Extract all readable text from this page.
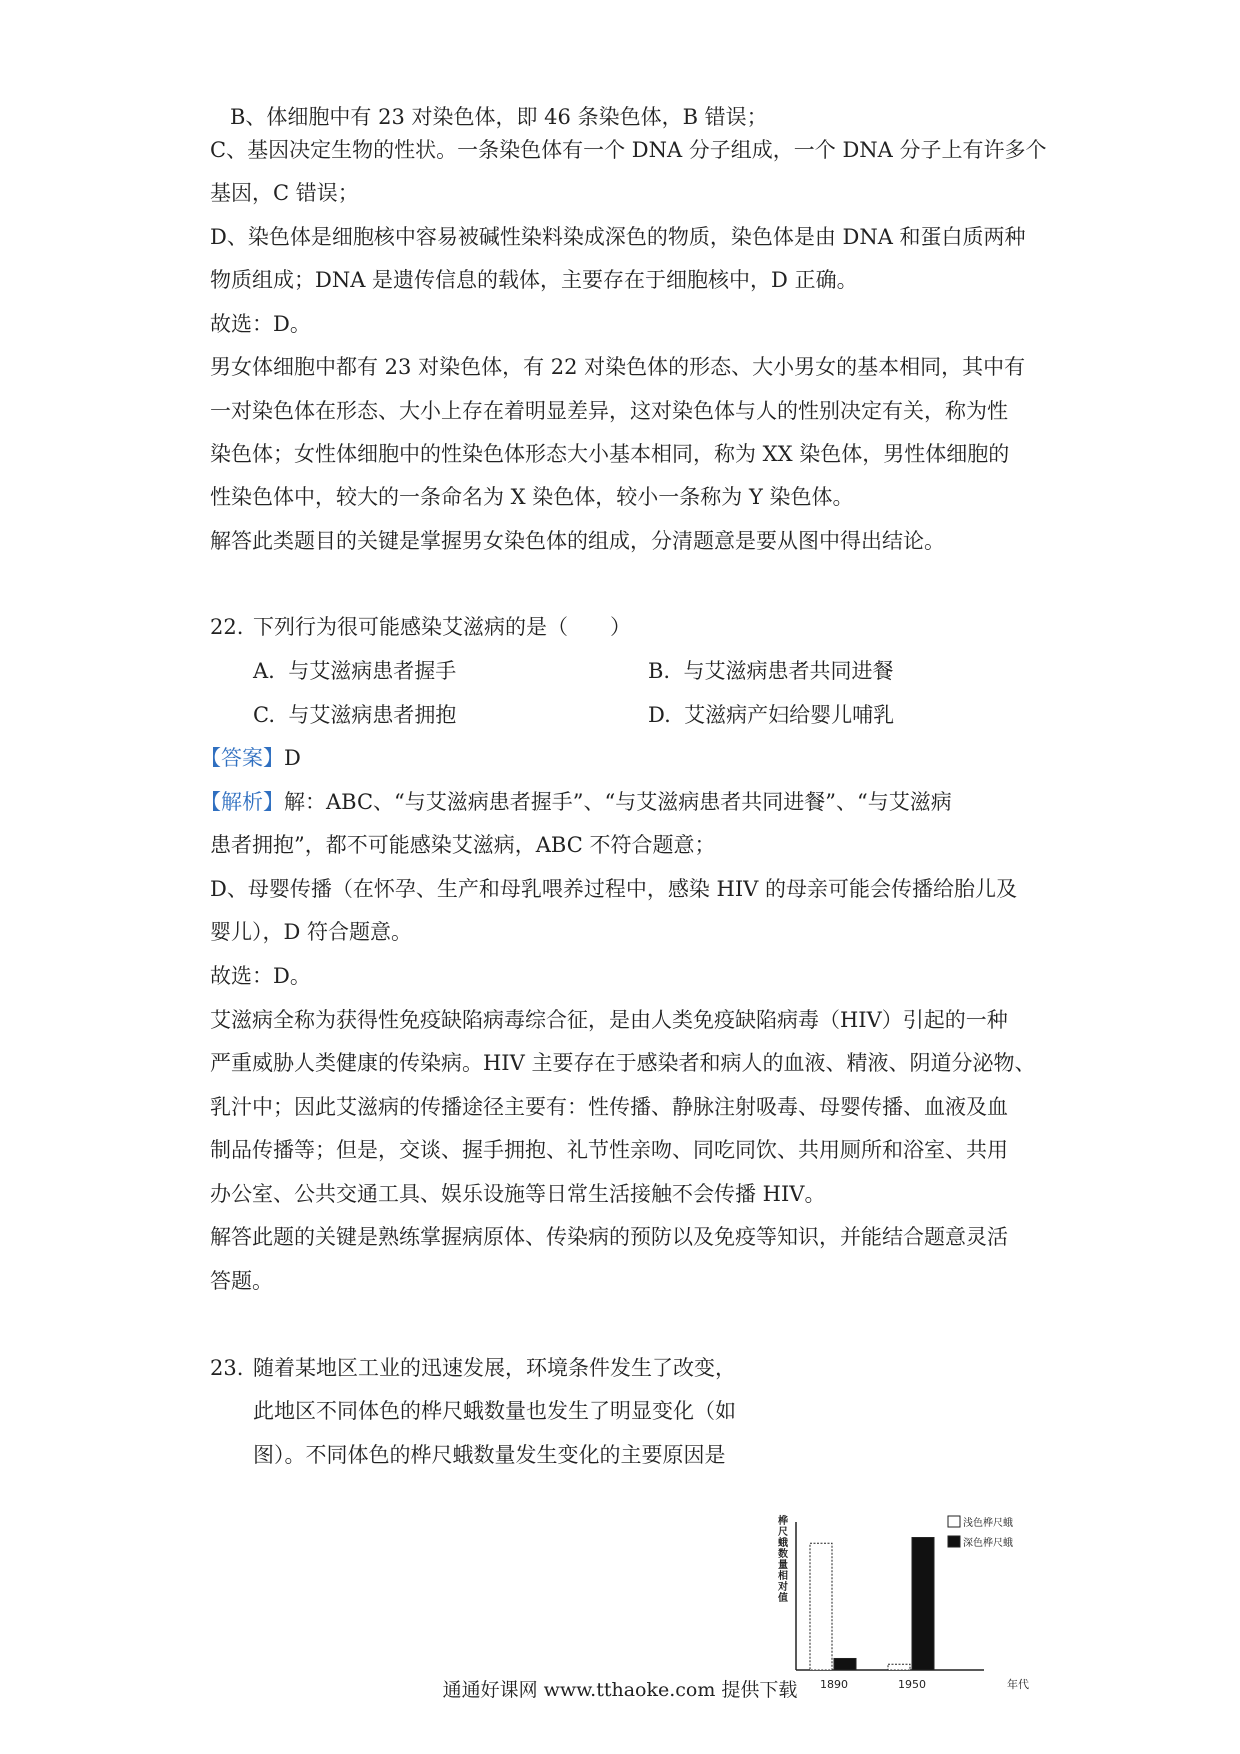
B、体细胞中有 23 对染色体，即 46 条染色体，B 错误；
C、基因决定生物的性状。一条染色体有一个 DNA 分子组成，一个 DNA 分子上有许多个
基因，C 错误；
D、染色体是细胞核中容易被碱性染料染成深色的物质，染色体是由 DNA 和蛋白质两种
物质组成；DNA 是遗传信息的载体，主要存在于细胞核中，D 正确。
故选：D。
男女体细胞中都有 23 对染色体，有 22 对染色体的形态、大小男女的基本相同，其中有
一对染色体在形态、大小上存在着明显差异，这对染色体与人的性别决定有关，称为性
染色体；女性体细胞中的性染色体形态大小基本相同，称为 XX 染色体，男性体细胞的
性染色体中，较大的一条命名为 X 染色体，较小一条称为 Y 染色体。
解答此类题目的关键是掌握男女染色体的组成，分清题意是要从图中得出结论。
22. 下列行为很可能感染艾滋病的是（　　）
A. 与艾滋病患者握手	B. 与艾滋病患者共同进餐
C. 与艾滋病患者拥抱	D. 艾滋病产妇给婴儿哺乳
【答案】D
【解析】解：ABC、“与艾滋病患者握手”、“与艾滋病患者共同进餐”、“与艾滋病
患者拥抱”，都不可能感染艾滋病，ABC 不符合题意；
D、母婴传播（在怀孕、生产和母乳喂养过程中，感染 HIV 的母亲可能会传播给胎儿及
婴儿），D 符合题意。
故选：D。
艾滋病全称为获得性免疫缺陷病毒综合征，是由人类免疫缺陷病毒（HIV）引起的一种
严重威胁人类健康的传染病。HIV 主要存在于感染者和病人的血液、精液、阴道分泌物、
乳汁中；因此艾滋病的传播途径主要有：性传播、静脉注射吸毒、母婴传播、血液及血
制品传播等；但是，交谈、握手拥抱、礼节性亲吻、同吃同饮、共用厕所和浴室、共用
办公室、公共交通工具、娱乐设施等日常生活接触不会传播 HIV。
解答此题的关键是熟练掌握病原体、传染病的预防以及免疫等知识，并能结合题意灵活
答题。
23. 随着某地区工业的迅速发展，环境条件发生了改变，
此地区不同体色的桦尺蛾数量也发生了明显变化（如
图）。不同体色的桦尺蛾数量发生变化的主要原因是
桦尺蛾数量相对值
1890	1950	年代
浅色桦尺蛾
深色桦尺蛾
通通好课网 www.tthaoke.com 提供下载
